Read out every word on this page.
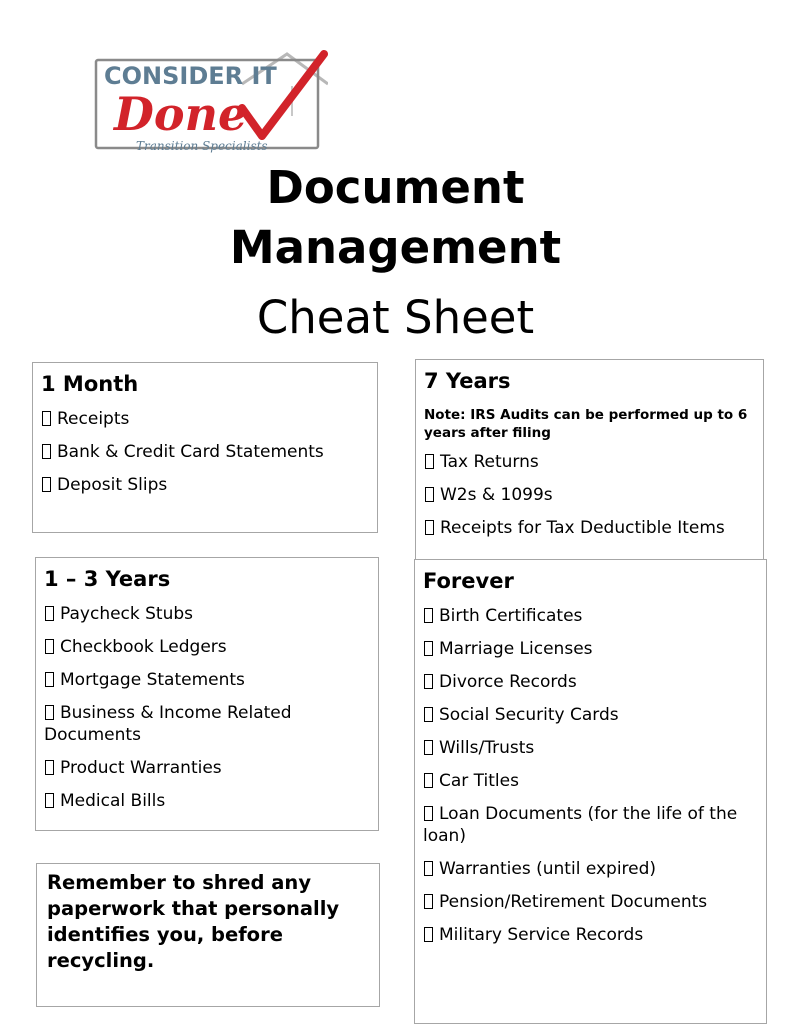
CONSIDER IT
Done
Transition Specialists
Document
Management
Cheat Sheet
1 Month
Receipts
Bank & Credit Card Statements
Deposit Slips
7 Years
Note: IRS Audits can be performed up to 6 years after filing
Tax Returns
W2s & 1099s
Receipts for Tax Deductible Items
1 – 3 Years
Paycheck Stubs
Checkbook Ledgers
Mortgage Statements
Business & Income Related Documents
Product Warranties
Medical Bills
Forever
Birth Certificates
Marriage Licenses
Divorce Records
Social Security Cards
Wills/Trusts
Car Titles
Loan Documents (for the life of the loan)
Warranties (until expired)
Pension/Retirement Documents
Military Service Records
Remember to shred any paperwork that personally identifies you, before recycling.
